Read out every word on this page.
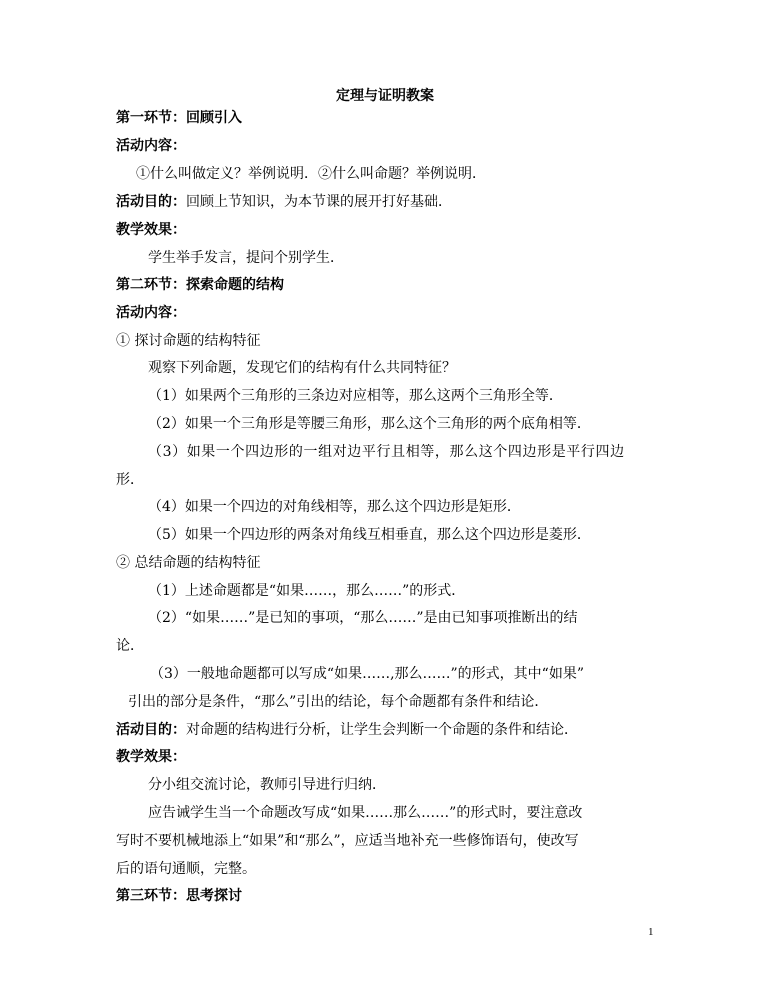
定理与证明教案
第一环节：回顾引入
活动内容：
①什么叫做定义？举例说明．②什么叫命题？举例说明．
活动目的：回顾上节知识，为本节课的展开打好基础．
教学效果：
学生举手发言，提问个别学生．
第二环节：探索命题的结构
活动内容：
① 探讨命题的结构特征
观察下列命题，发现它们的结构有什么共同特征？
（1）如果两个三角形的三条边对应相等，那么这两个三角形全等．
（2）如果一个三角形是等腰三角形，那么这个三角形的两个底角相等．
（3）如果一个四边形的一组对边平行且相等，那么这个四边形是平行四边
形．
（4）如果一个四边的对角线相等，那么这个四边形是矩形．
（5）如果一个四边形的两条对角线互相垂直，那么这个四边形是菱形．
② 总结命题的结构特征
（1）上述命题都是“如果……，那么……”的形式．
（2）“如果……”是已知的事项，“那么……”是由已知事项推断出的结
论．
（3）一般地命题都可以写成“如果……,那么……”的形式，其中“如果”
引出的部分是条件，“那么”引出的结论，每个命题都有条件和结论．
活动目的：对命题的结构进行分析，让学生会判断一个命题的条件和结论．
教学效果：
分小组交流讨论，教师引导进行归纳．
应告诫学生当一个命题改写成“如果……那么……”的形式时，要注意改
写时不要机械地添上“如果”和“那么”，应适当地补充一些修饰语句，使改写
后的语句通顺，完整。
第三环节：思考探讨
1
